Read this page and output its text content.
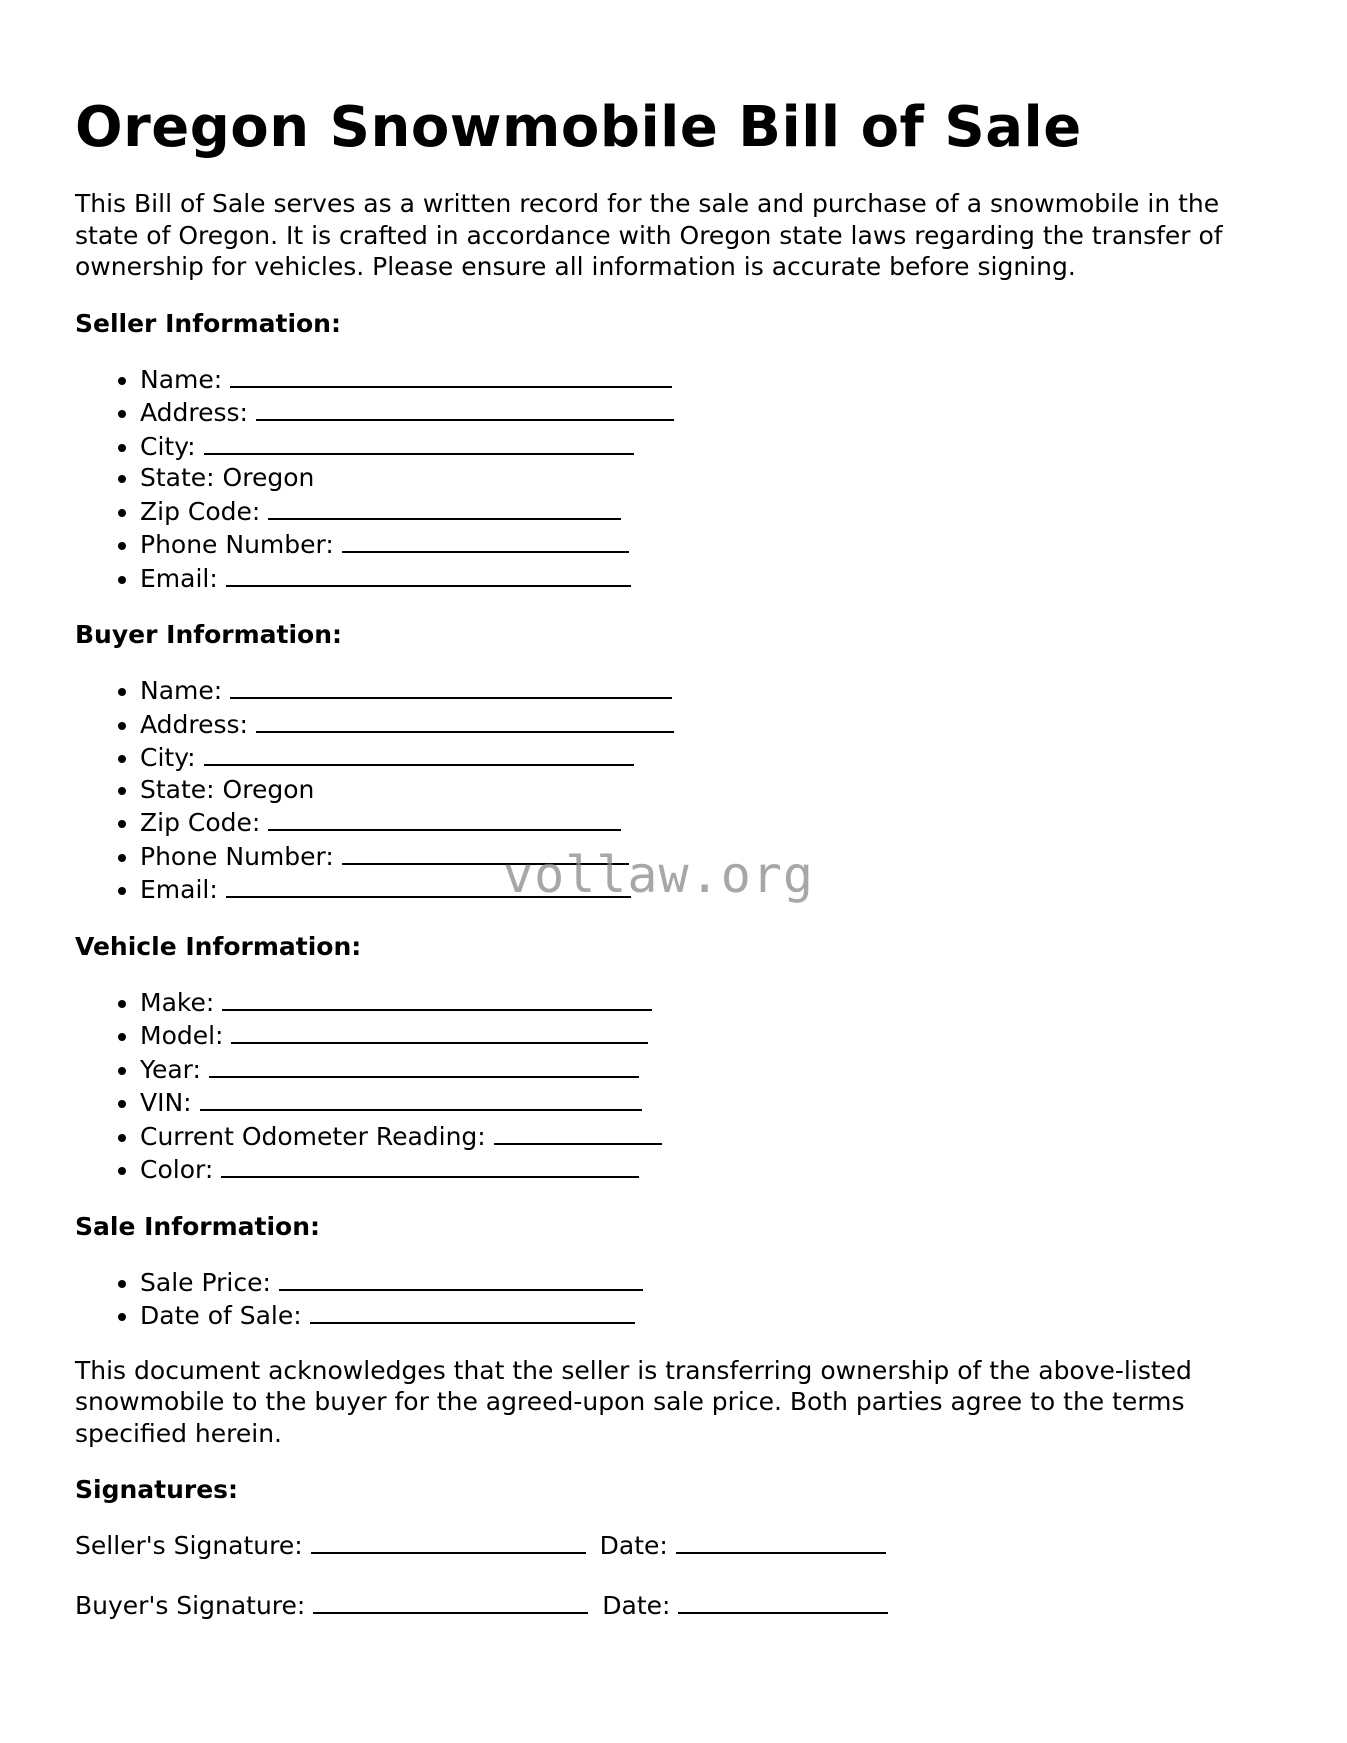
Oregon Snowmobile Bill of Sale

This Bill of Sale serves as a written record for the sale and purchase of a snowmobile in the state of Oregon. It is crafted in accordance with Oregon state laws regarding the transfer of ownership for vehicles. Please ensure all information is accurate before signing.

Seller Information:
• Name:
• Address:
• City:
• State: Oregon
• Zip Code:
• Phone Number:
• Email:
Buyer Information:
• Name:
• Address:
• City:
• State: Oregon
• Zip Code:
• Phone Number:
• Email:
Vehicle Information:
• Make:
• Model:
• Year:
• VIN:
• Current Odometer Reading:
• Color:
Sale Information:
• Sale Price:
• Date of Sale:

This document acknowledges that the seller is transferring ownership of the above-listed snowmobile to the buyer for the agreed-upon sale price. Both parties agree to the terms specified herein.

Signatures:
Seller's Signature:	Date:
Buyer's Signature:	Date:
vollaw.org
